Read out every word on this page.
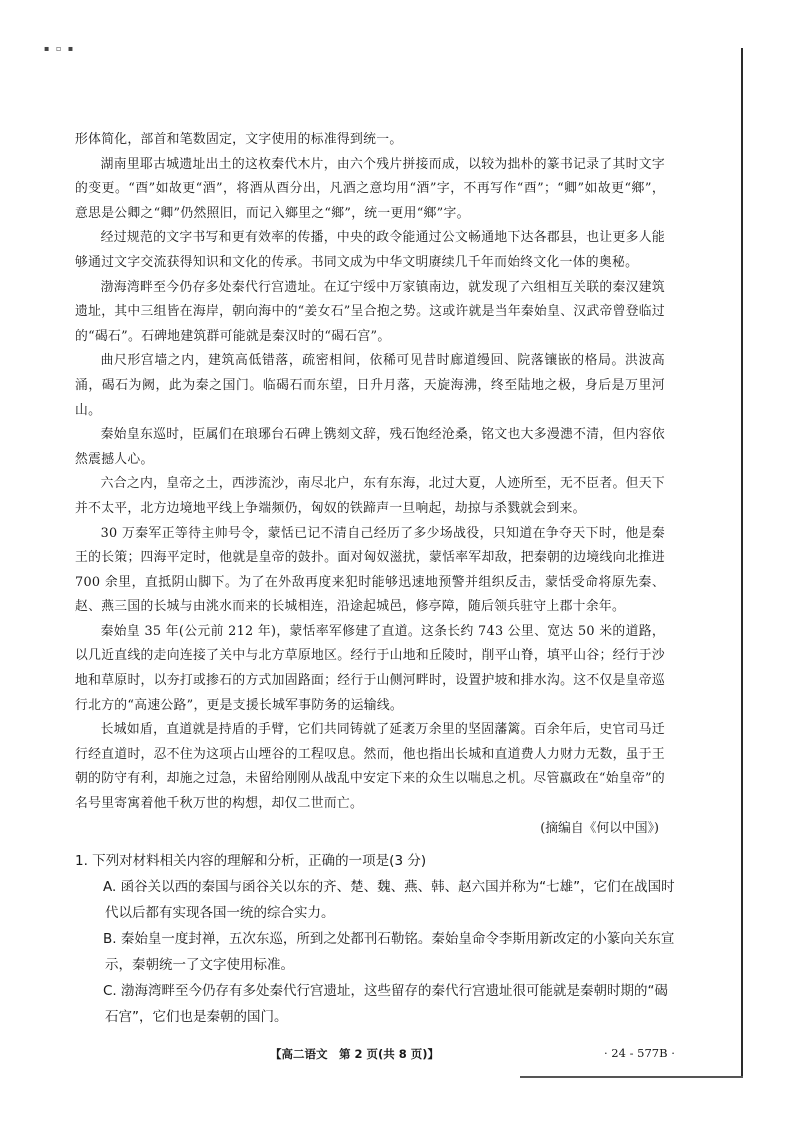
▪ ▫ ▪

形体简化，部首和笔数固定，文字使用的标准得到统一。

湖南里耶古城遗址出土的这枚秦代木片，由六个残片拼接而成，以较为拙朴的篆书记录了其时文字的变更。“酉”如故更“酒”，将酒从酉分出，凡酒之意均用“酒”字，不再写作“酉”；“卿”如故更“鄉”，意思是公卿之“卿”仍然照旧，而记入鄉里之“鄉”，统一更用“鄉”字。

经过规范的文字书写和更有效率的传播，中央的政令能通过公文畅通地下达各郡县，也让更多人能够通过文字交流获得知识和文化的传承。书同文成为中华文明赓续几千年而始终文化一体的奥秘。

渤海湾畔至今仍存多处秦代行宫遗址。在辽宁绥中万家镇南边，就发现了六组相互关联的秦汉建筑遗址，其中三组皆在海岸，朝向海中的“姜女石”呈合抱之势。这或许就是当年秦始皇、汉武帝曾登临过的“碣石”。石碑地建筑群可能就是秦汉时的“碣石宫”。

曲尺形宫墙之内，建筑高低错落，疏密相间，依稀可见昔时廊道缦回、院落镶嵌的格局。洪波高涌，碣石为阙，此为秦之国门。临碣石而东望，日升月落，天旋海沸，终至陆地之极，身后是万里河山。

秦始皇东巡时，臣属们在琅琊台石碑上镌刻文辞，残石饱经沧桑，铭文也大多漫漶不清，但内容依然震撼人心。

六合之内，皇帝之土，西涉流沙，南尽北户，东有东海，北过大夏，人迹所至，无不臣者。但天下并不太平，北方边境地平线上争端频仍，匈奴的铁蹄声一旦响起，劫掠与杀戮就会到来。

30 万秦军正等待主帅号令，蒙恬已记不清自己经历了多少场战役，只知道在争夺天下时，他是秦王的长策；四海平定时，他就是皇帝的鼓扑。面对匈奴滋扰，蒙恬率军却敌，把秦朝的边境线向北推进 700 余里，直抵阴山脚下。为了在外敌再度来犯时能够迅速地预警并组织反击，蒙恬受命将原先秦、赵、燕三国的长城与由洮水而来的长城相连，沿途起城邑，修亭障，随后领兵驻守上郡十余年。

秦始皇 35 年(公元前 212 年)，蒙恬率军修建了直道。这条长约 743 公里、宽达 50 米的道路，以几近直线的走向连接了关中与北方草原地区。经行于山地和丘陵时，削平山脊，填平山谷；经行于沙地和草原时，以夯打或掺石的方式加固路面；经行于山侧河畔时，设置护坡和排水沟。这不仅是皇帝巡行北方的“高速公路”，更是支援长城军事防务的运输线。

长城如盾，直道就是持盾的手臂，它们共同铸就了延袤万余里的坚固藩篱。百余年后，史官司马迁行经直道时，忍不住为这项占山堙谷的工程叹息。然而，他也指出长城和直道费人力财力无数，虽于王朝的防守有利，却施之过急，未留给刚刚从战乱中安定下来的众生以喘息之机。尽管嬴政在“始皇帝”的名号里寄寓着他千秋万世的构想，却仅二世而亡。

(摘编自《何以中国》)

1. 下列对材料相关内容的理解和分析，正确的一项是(3 分)

A. 函谷关以西的秦国与函谷关以东的齐、楚、魏、燕、韩、赵六国并称为“七雄”，它们在战国时代以后都有实现各国一统的综合实力。

B. 秦始皇一度封禅，五次东巡，所到之处都刊石勒铭。秦始皇命令李斯用新改定的小篆向关东宣示，秦朝统一了文字使用标准。

C. 渤海湾畔至今仍存有多处秦代行宫遗址，这些留存的秦代行宫遗址很可能就是秦朝时期的“碣石宫”，它们也是秦朝的国门。

【高二语文　第 2 页(共 8 页)】	· 24 - 577B ·
